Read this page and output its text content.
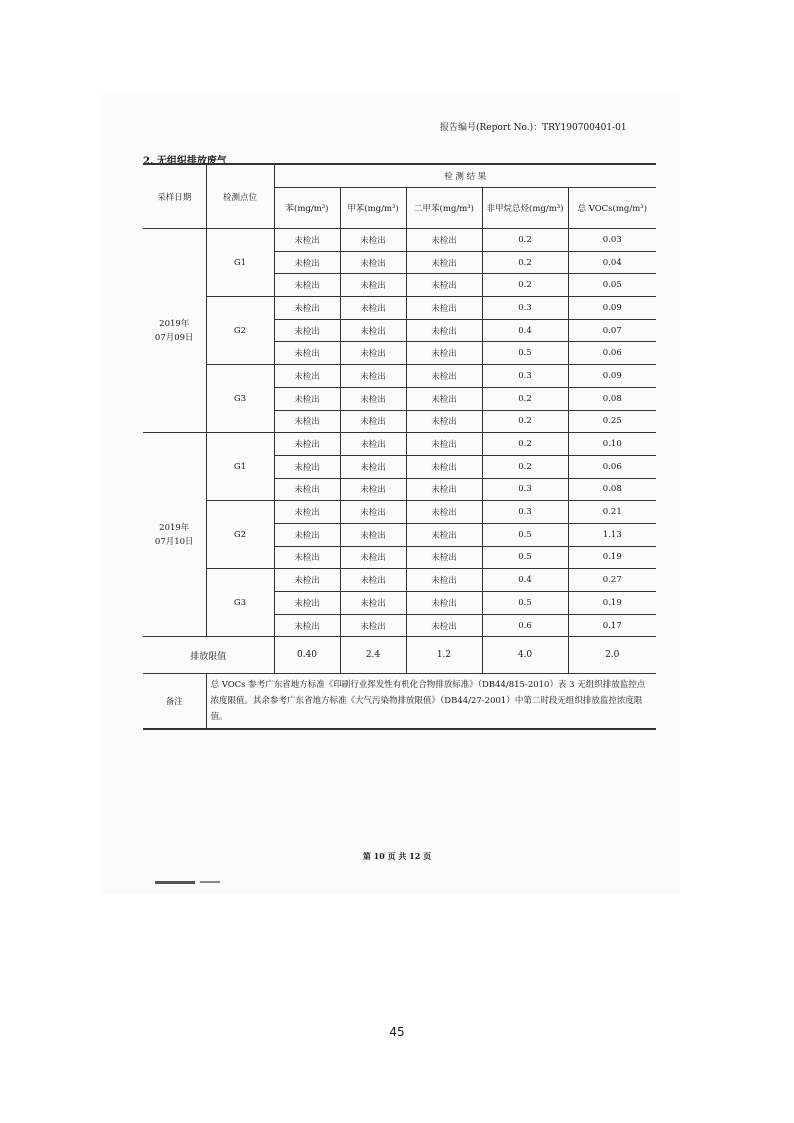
报告编号(Report No.)：TRY190700401-01
2. 无组织排放废气
采样日期	检测点位	检 测 结 果				
		苯(mg/m³)	甲苯(mg/m³)	二甲苯(mg/m³)	非甲烷总烃(mg/m³)	总 VOCs(mg/m³)
2019年
07月09日	G1	未检出	未检出	未检出	0.2	0.03
		未检出	未检出	未检出	0.2	0.04
		未检出	未检出	未检出	0.2	0.05
	G2	未检出	未检出	未检出	0.3	0.09
		未检出	未检出	未检出	0.4	0.07
		未检出	未检出	未检出	0.5	0.06
	G3	未检出	未检出	未检出	0.3	0.09
		未检出	未检出	未检出	0.2	0.08
		未检出	未检出	未检出	0.2	0.25
2019年
07月10日	G1	未检出	未检出	未检出	0.2	0.10
		未检出	未检出	未检出	0.2	0.06
		未检出	未检出	未检出	0.3	0.08
	G2	未检出	未检出	未检出	0.3	0.21
		未检出	未检出	未检出	0.5	1.13
		未检出	未检出	未检出	0.5	0.19
	G3	未检出	未检出	未检出	0.4	0.27
		未检出	未检出	未检出	0.5	0.19
		未检出	未检出	未检出	0.6	0.17
排放限值		0.40	2.4	1.2	4.0	2.0
备注	总 VOCs 参考广东省地方标准《印刷行业挥发性有机化合物排放标准》（DB44/815-2010）表 3 无组织排放监控点浓度限值。其余参考广东省地方标准《大气污染物排放限值》（DB44/27-2001）中第二时段无组织排放监控浓度限值。					
第 10 页 共 12 页
45
